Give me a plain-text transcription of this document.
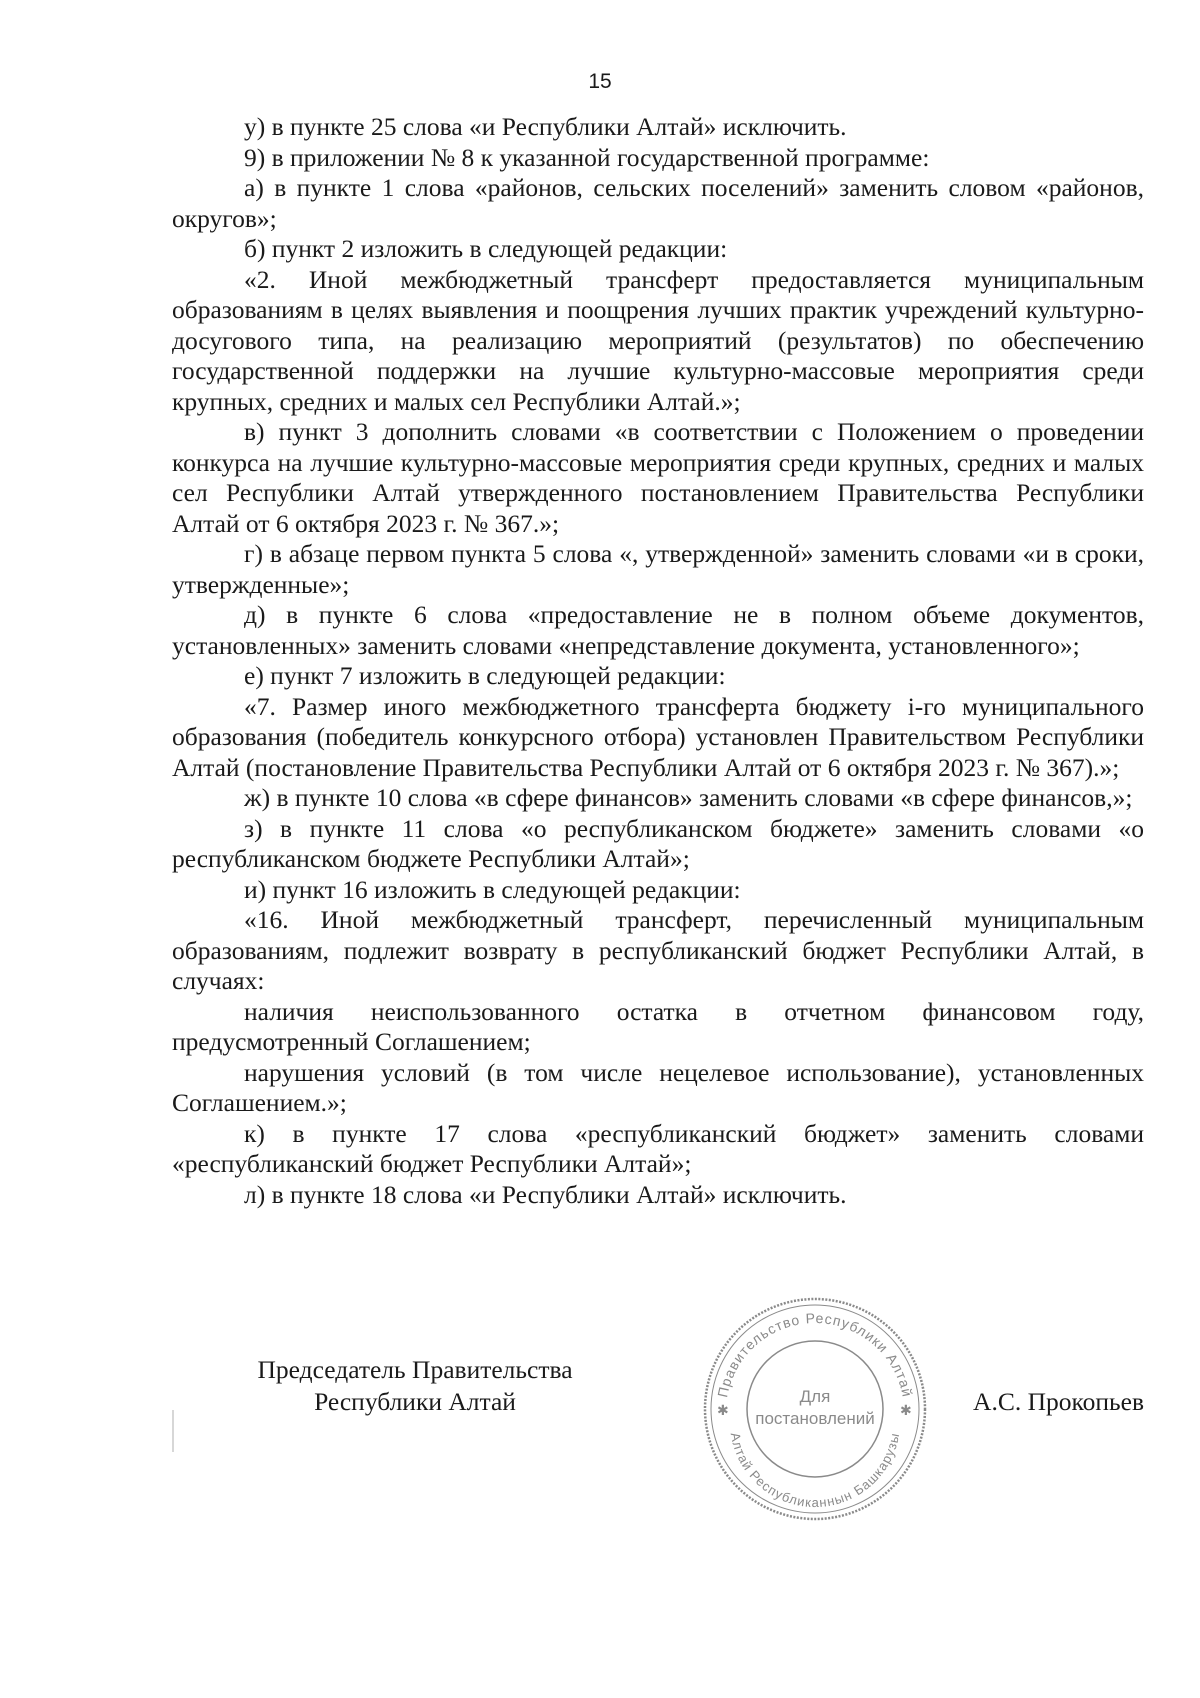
15

у) в пункте 25 слова «и Республики Алтай» исключить.

9) в приложении № 8 к указанной государственной программе:

а) в пункте 1 слова «районов, сельских поселений» заменить словом «районов, округов»;

б) пункт 2 изложить в следующей редакции:

«2. Иной межбюджетный трансферт предоставляется муниципальным образованиям в целях выявления и поощрения лучших практик учреждений культурно-досугового типа, на реализацию мероприятий (результатов) по обеспечению государственной поддержки на лучшие культурно-массовые мероприятия среди крупных, средних и малых сел Республики Алтай.»;

в) пункт 3 дополнить словами «в соответствии с Положением о проведении конкурса на лучшие культурно-массовые мероприятия среди крупных, средних и малых сел Республики Алтай утвержденного постановлением Правительства Республики Алтай от 6 октября 2023 г. № 367.»;

г) в абзаце первом пункта 5 слова «, утвержденной» заменить словами «и в сроки, утвержденные»;

д) в пункте 6 слова «предоставление не в полном объеме документов, установленных» заменить словами «непредставление документа, установленного»;

е) пункт 7 изложить в следующей редакции:

«7. Размер иного межбюджетного трансферта бюджету i-го муниципального образования (победитель конкурсного отбора) установлен Правительством Республики Алтай (постановление Правительства Республики Алтай от 6 октября 2023 г. № 367).»;

ж) в пункте 10 слова «в сфере финансов» заменить словами «в сфере финансов,»;

з) в пункте 11 слова «о республиканском бюджете» заменить словами «о республиканском бюджете Республики Алтай»;

и) пункт 16 изложить в следующей редакции:

«16. Иной межбюджетный трансферт, перечисленный муниципальным образованиям, подлежит возврату в республиканский бюджет Республики Алтай, в случаях:

наличия неиспользованного остатка в отчетном финансовом году, предусмотренный Соглашением;

нарушения условий (в том числе нецелевое использование), установленных Соглашением.»;

к) в пункте 17 слова «республиканский бюджет» заменить словами «республиканский бюджет Республики Алтай»;

л) в пункте 18 слова «и Республики Алтай» исключить.

Председатель Правительства
Республики Алтай	Правительство Республики Алтай
Алтай Республиканнын Башкарузы
✱	✱
Для
постановлений
А.С. Прокопьев
